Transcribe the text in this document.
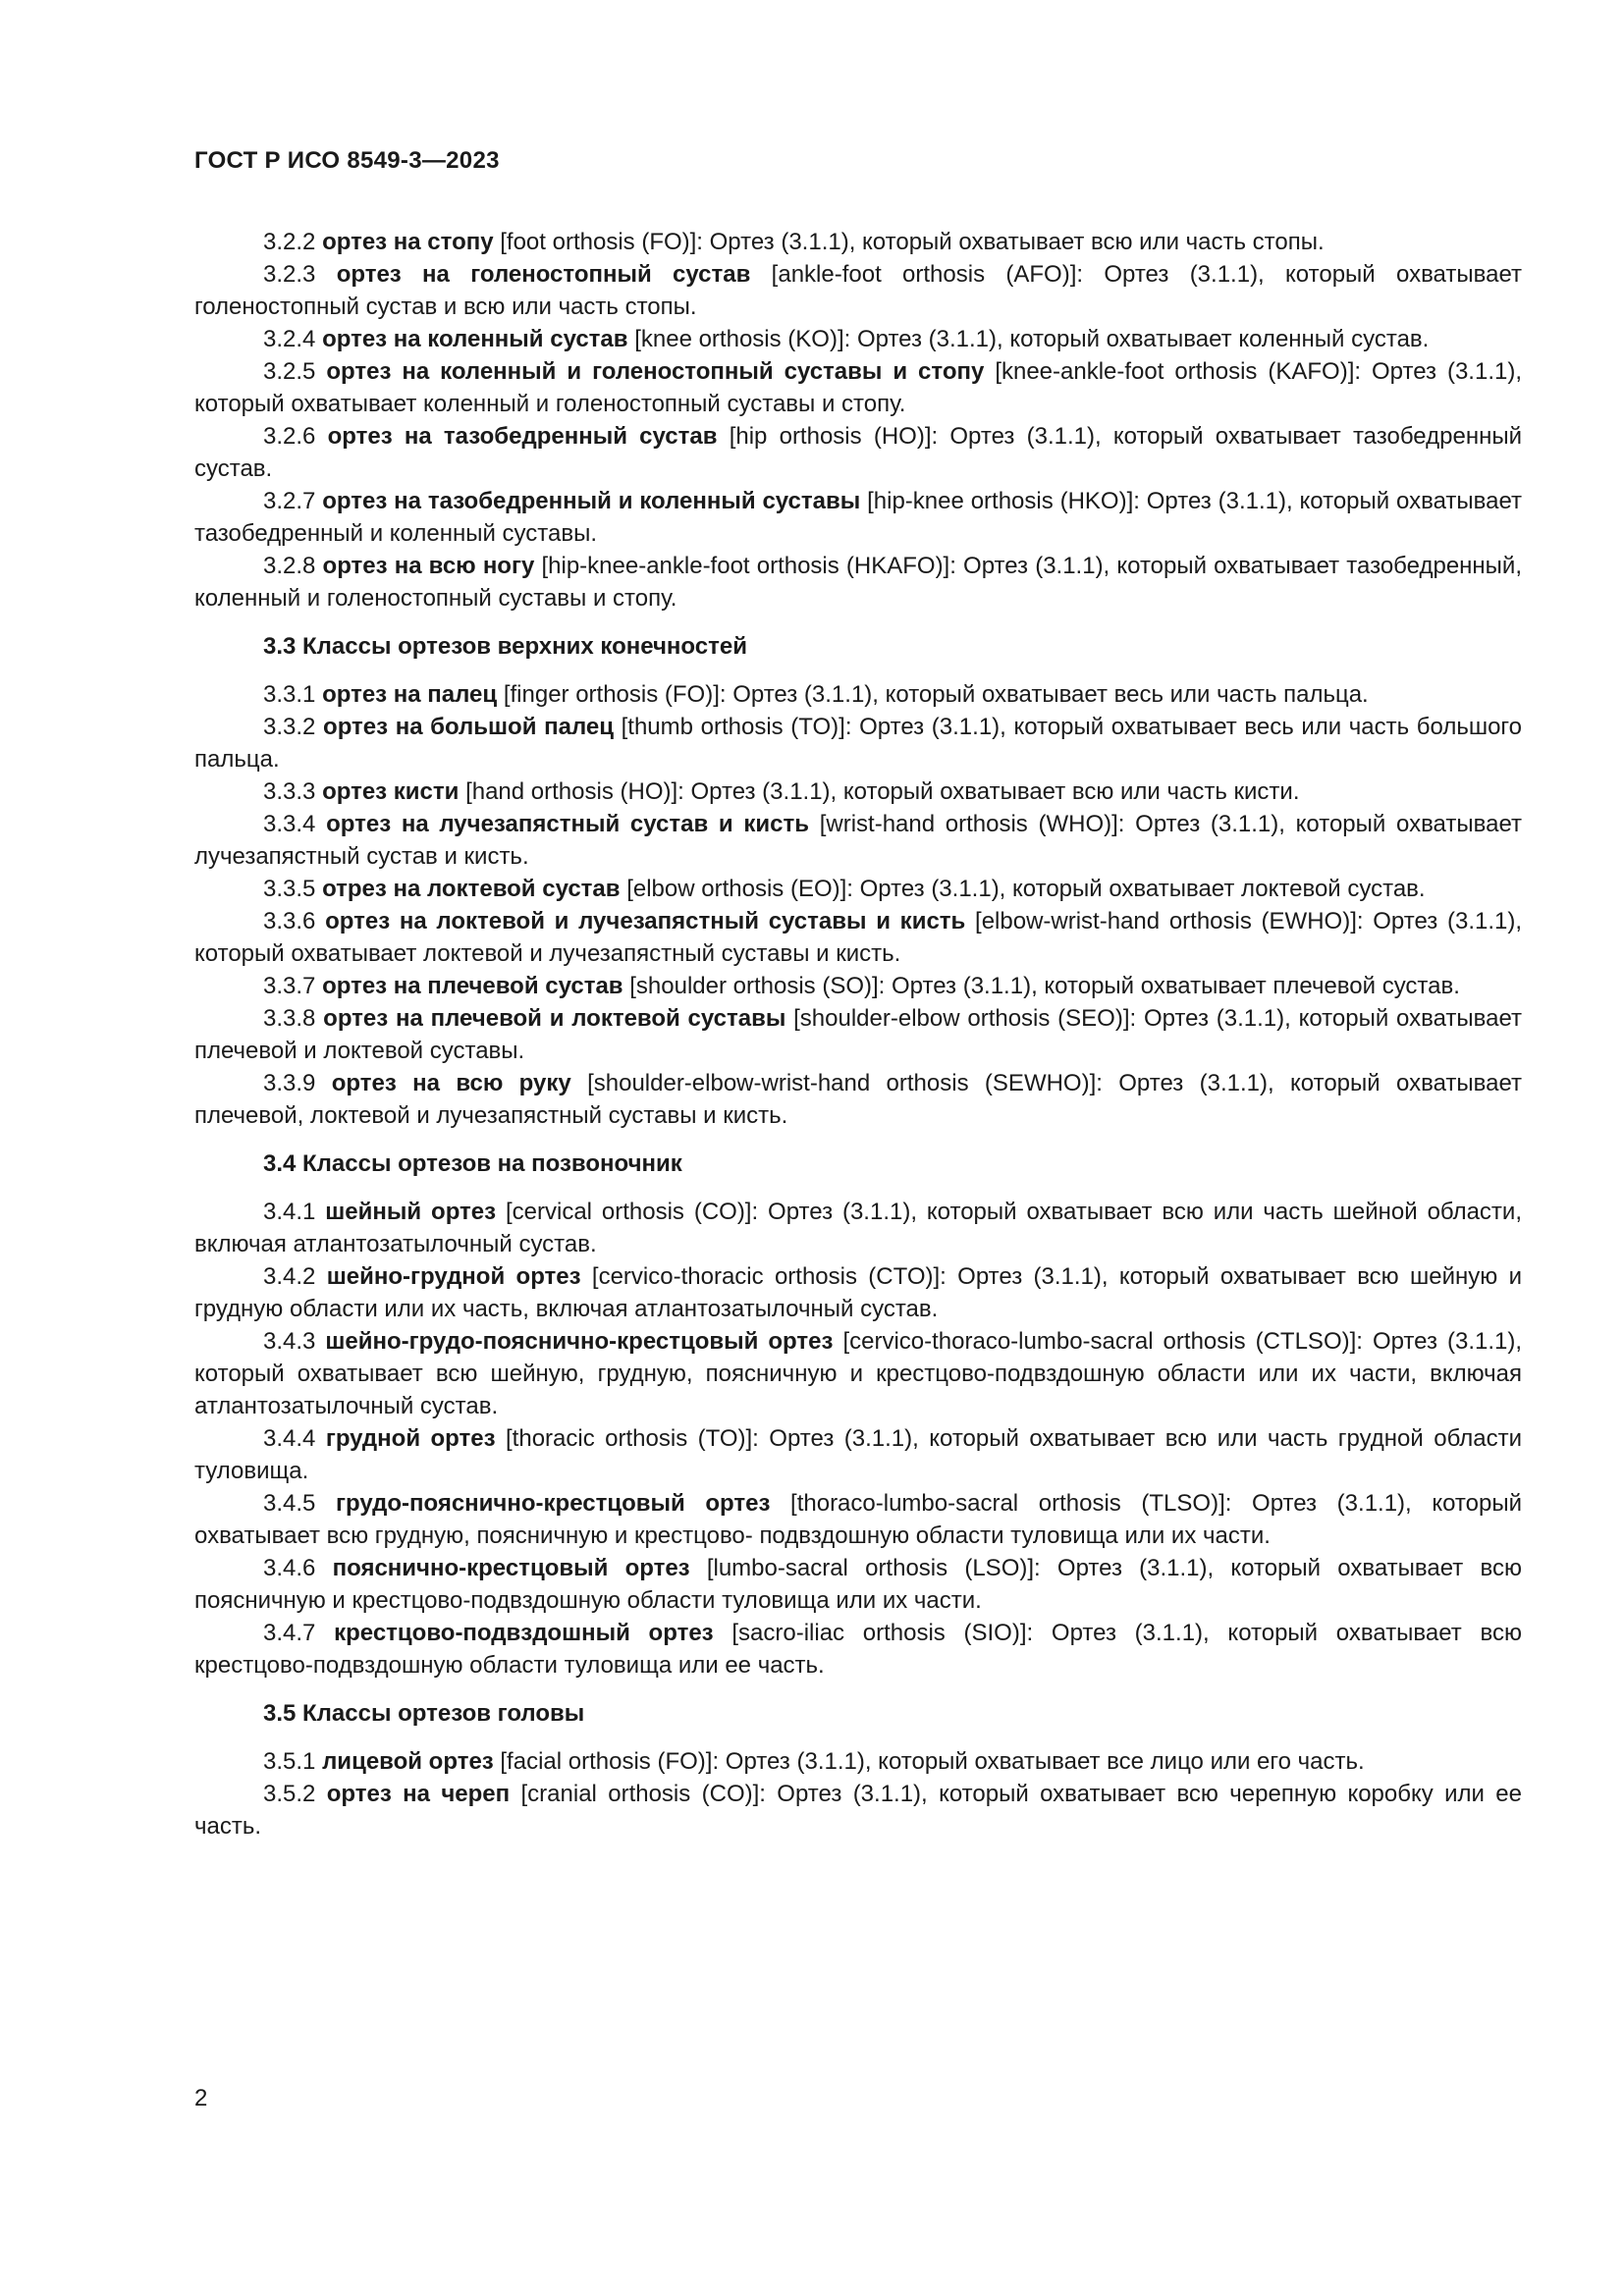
ГОСТ Р ИСО 8549-3—2023

3.2.2 ортез на стопу [foot orthosis (FO)]: Ортез (3.1.1), который охватывает всю или часть стопы.

3.2.3 ортез на голеностопный сустав [ankle-foot orthosis (AFO)]: Ортез (3.1.1), который охватывает голеностопный сустав и всю или часть стопы.

3.2.4 ортез на коленный сустав [knee orthosis (KO)]: Ортез (3.1.1), который охватывает коленный сустав.

3.2.5 ортез на коленный и голеностопный суставы и стопу [knee-ankle-foot orthosis (KAFO)]: Ортез (3.1.1), который охватывает коленный и голеностопный суставы и стопу.

3.2.6 ортез на тазобедренный сустав [hip orthosis (HO)]: Ортез (3.1.1), который охватывает тазобедренный сустав.

3.2.7 ортез на тазобедренный и коленный суставы [hip-knee orthosis (HKO)]: Ортез (3.1.1), который охватывает тазобедренный и коленный суставы.

3.2.8 ортез на всю ногу [hip-knee-ankle-foot orthosis (HKAFO)]: Ортез (3.1.1), который охватывает тазобедренный, коленный и голеностопный суставы и стопу.

3.3 Классы ортезов верхних конечностей

3.3.1 ортез на палец [finger orthosis (FO)]: Ортез (3.1.1), который охватывает весь или часть пальца.

3.3.2 ортез на большой палец [thumb orthosis (TO)]: Ортез (3.1.1), который охватывает весь или часть большого пальца.

3.3.3 ортез кисти [hand orthosis (HO)]: Ортез (3.1.1), который охватывает всю или часть кисти.

3.3.4 ортез на лучезапястный сустав и кисть [wrist-hand orthosis (WHO)]: Ортез (3.1.1), который охватывает лучезапястный сустав и кисть.

3.3.5 отрез на локтевой сустав [elbow orthosis (EO)]: Ортез (3.1.1), который охватывает локтевой сустав.

3.3.6 ортез на локтевой и лучезапястный суставы и кисть [elbow-wrist-hand orthosis (EWHO)]: Ортез (3.1.1), который охватывает локтевой и лучезапястный суставы и кисть.

3.3.7 ортез на плечевой сустав [shoulder orthosis (SO)]: Ортез (3.1.1), который охватывает плечевой сустав.

3.3.8 ортез на плечевой и локтевой суставы [shoulder-elbow orthosis (SEO)]: Ортез (3.1.1), который охватывает плечевой и локтевой суставы.

3.3.9 ортез на всю руку [shoulder-elbow-wrist-hand orthosis (SEWHO)]: Ортез (3.1.1), который охватывает плечевой, локтевой и лучезапястный суставы и кисть.

3.4 Классы ортезов на позвоночник

3.4.1 шейный ортез [cervical orthosis (CO)]: Ортез (3.1.1), который охватывает всю или часть шейной области, включая атлантозатылочный сустав.

3.4.2 шейно-грудной ортез [cervico-thoracic orthosis (CTO)]: Ортез (3.1.1), который охватывает всю шейную и грудную области или их часть, включая атлантозатылочный сустав.

3.4.3 шейно-грудо-пояснично-крестцовый ортез [cervico-thoraco-lumbo-sacral orthosis (CTLSO)]: Ортез (3.1.1), который охватывает всю шейную, грудную, поясничную и крестцово-подвздошную области или их части, включая атлантозатылочный сустав.

3.4.4 грудной ортез [thoracic orthosis (TO)]: Ортез (3.1.1), который охватывает всю или часть грудной области туловища.

3.4.5 грудо-пояснично-крестцовый ортез [thoraco-lumbo-sacral orthosis (TLSO)]: Ортез (3.1.1), который охватывает всю грудную, поясничную и крестцово- подвздошную области туловища или их части.

3.4.6 пояснично-крестцовый ортез [lumbo-sacral orthosis (LSO)]: Ортез (3.1.1), который охватывает всю поясничную и крестцово-подвздошную области туловища или их части.

3.4.7 крестцово-подвздошный ортез [sacro-iliac orthosis (SIO)]: Ортез (3.1.1), который охватывает всю крестцово-подвздошную области туловища или ее часть.

3.5 Классы ортезов головы

3.5.1 лицевой ортез [facial orthosis (FO)]: Ортез (3.1.1), который охватывает все лицо или его часть.

3.5.2 ортез на череп [cranial orthosis (CO)]: Ортез (3.1.1), который охватывает всю черепную коробку или ее часть.

2
